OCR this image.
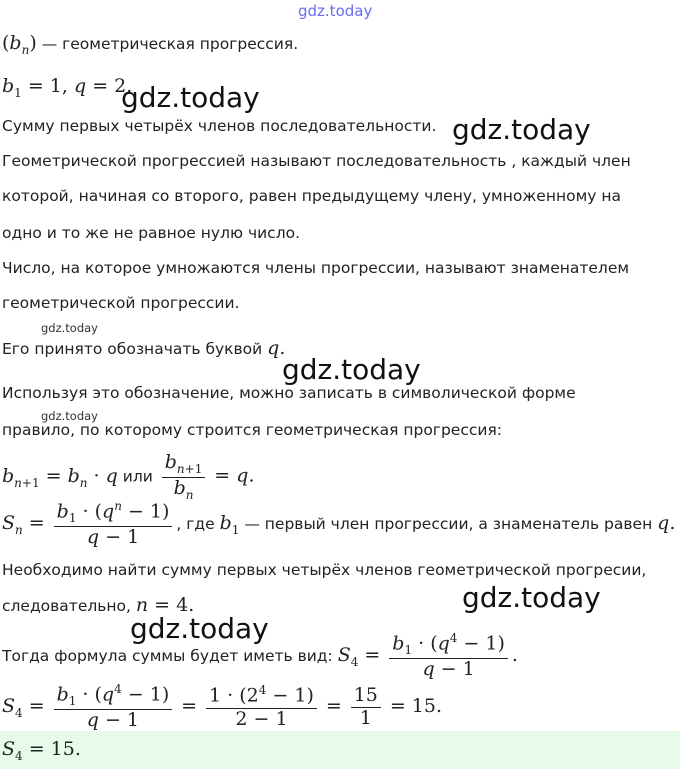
gdz.today
gdz.today
gdz.today
gdz.today
gdz.today
gdz.today
gdz.today
gdz.today
$(b_n)$ — геометрическая прогрессия.
$b_1 = 1$, q = 2.
Сумму первых четырёх членов последовательности.
Геометрической прогрессией называют последовательность , каждый член
которой, начиная со второго, равен предыдущему члену, умноженному на
одно и то же не равное нулю число.
Число, на которое умножаются члены прогрессии, называют знаменателем
геометрической прогрессии.
Его принято обозначать буквой q.
Используя это обозначение, можно записать в символической форме
правило, по которому строится геометрическая прогрессия:
$b_{n+1} = b_n \cdot q$ или $\frac{b_{n+1}}{b_n} = q$.
$S_n = \frac{b_1 \cdot (q^n - 1)}{q - 1}$ , где $b_1$ — первый член прогрессии, а знаменатель равен q.
Необходимо найти сумму первых четырёх членов геометрической прогресии,
следовательно, n = 4.
Тогда формула суммы будет иметь вид: $S_4 = \frac{b_1 \cdot (q^4 - 1)}{q - 1}$ .
$S_4 = \frac{b_1 \cdot (q^4 - 1)}{q - 1} = \frac{1 \cdot (2^4 - 1)}{2 - 1} = \frac{15}{1} = 15$.
$S_4 = 15$.
